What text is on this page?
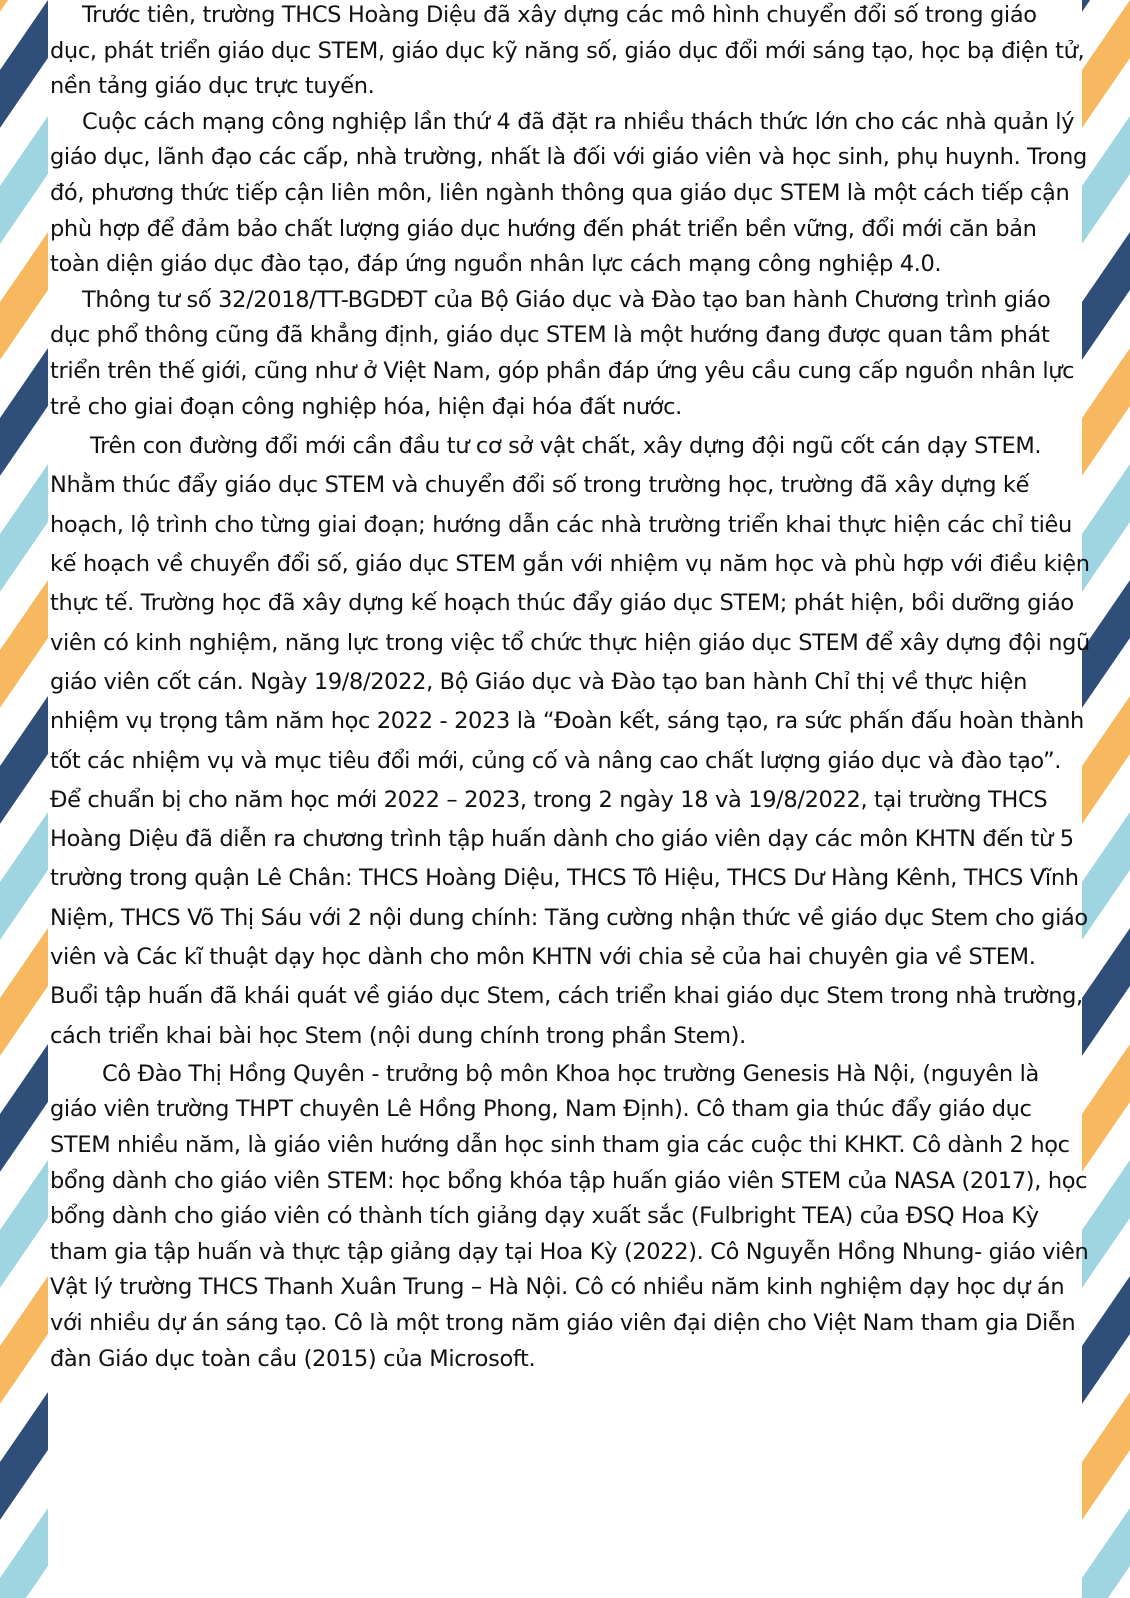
Trước tiên, trường THCS Hoàng Diệu đã xây dựng các mô hình chuyển đổi số trong giáo dục, phát triển giáo dục STEM, giáo dục kỹ năng số, giáo dục đổi mới sáng tạo, học bạ điện tử, nền tảng giáo dục trực tuyến.

Cuộc cách mạng công nghiệp lần thứ 4 đã đặt ra nhiều thách thức lớn cho các nhà quản lý giáo dục, lãnh đạo các cấp, nhà trường, nhất là đối với giáo viên và học sinh, phụ huynh. Trong đó, phương thức tiếp cận liên môn, liên ngành thông qua giáo dục STEM là một cách tiếp cận phù hợp để đảm bảo chất lượng giáo dục hướng đến phát triển bền vững, đổi mới căn bản toàn diện giáo dục đào tạo, đáp ứng nguồn nhân lực cách mạng công nghiệp 4.0.

Thông tư số 32/2018/TT-BGDĐT của Bộ Giáo dục và Đào tạo ban hành Chương trình giáo dục phổ thông cũng đã khẳng định, giáo dục STEM là một hướng đang được quan tâm phát triển trên thế giới, cũng như ở Việt Nam, góp phần đáp ứng yêu cầu cung cấp nguồn nhân lực trẻ cho giai đoạn công nghiệp hóa, hiện đại hóa đất nước.

Trên con đường đổi mới cần đầu tư cơ sở vật chất, xây dựng đội ngũ cốt cán dạy STEM. Nhằm thúc đẩy giáo dục STEM và chuyển đổi số trong trường học, trường đã xây dựng kế hoạch, lộ trình cho từng giai đoạn; hướng dẫn các nhà trường triển khai thực hiện các chỉ tiêu kế hoạch về chuyển đổi số, giáo dục STEM gắn với nhiệm vụ năm học và phù hợp với điều kiện thực tế. Trường học đã xây dựng kế hoạch thúc đẩy giáo dục STEM; phát hiện, bồi dưỡng giáo viên có kinh nghiệm, năng lực trong việc tổ chức thực hiện giáo dục STEM để xây dựng đội ngũ giáo viên cốt cán. Ngày 19/8/2022, Bộ Giáo dục và Đào tạo ban hành Chỉ thị về thực hiện nhiệm vụ trọng tâm năm học 2022 - 2023 là “Đoàn kết, sáng tạo, ra sức phấn đấu hoàn thành tốt các nhiệm vụ và mục tiêu đổi mới, củng cố và nâng cao chất lượng giáo dục và đào tạo”. Để chuẩn bị cho năm học mới 2022 – 2023, trong 2 ngày 18 và 19/8/2022, tại trường THCS Hoàng Diệu đã diễn ra chương trình tập huấn dành cho giáo viên dạy các môn KHTN đến từ 5 trường trong quận Lê Chân: THCS Hoàng Diệu, THCS Tô Hiệu, THCS Dư Hàng Kênh, THCS Vĩnh Niệm, THCS Võ Thị Sáu với 2 nội dung chính: Tăng cường nhận thức về giáo dục Stem cho giáo viên và Các kĩ thuật dạy học dành cho môn KHTN với chia sẻ của hai chuyên gia về STEM. Buổi tập huấn đã khái quát về giáo dục Stem, cách triển khai giáo dục Stem trong nhà trường, cách triển khai bài học Stem (nội dung chính trong phần Stem).

Cô Đào Thị Hồng Quyên - trưởng bộ môn Khoa học trường Genesis Hà Nội, (nguyên là giáo viên trường THPT chuyên Lê Hồng Phong, Nam Định). Cô tham gia thúc đẩy giáo dục STEM nhiều năm, là giáo viên hướng dẫn học sinh tham gia các cuộc thi KHKT. Cô dành 2 học bổng dành cho giáo viên STEM: học bổng khóa tập huấn giáo viên STEM của NASA (2017), học bổng dành cho giáo viên có thành tích giảng dạy xuất sắc (Fulbright TEA) của ĐSQ Hoa Kỳ tham gia tập huấn và thực tập giảng dạy tại Hoa Kỳ (2022). Cô Nguyễn Hồng Nhung- giáo viên Vật lý trường THCS Thanh Xuân Trung – Hà Nội. Cô có nhiều năm kinh nghiệm dạy học dự án với nhiều dự án sáng tạo. Cô là một trong năm giáo viên đại diện cho Việt Nam tham gia Diễn đàn Giáo dục toàn cầu (2015) của Microsoft.
